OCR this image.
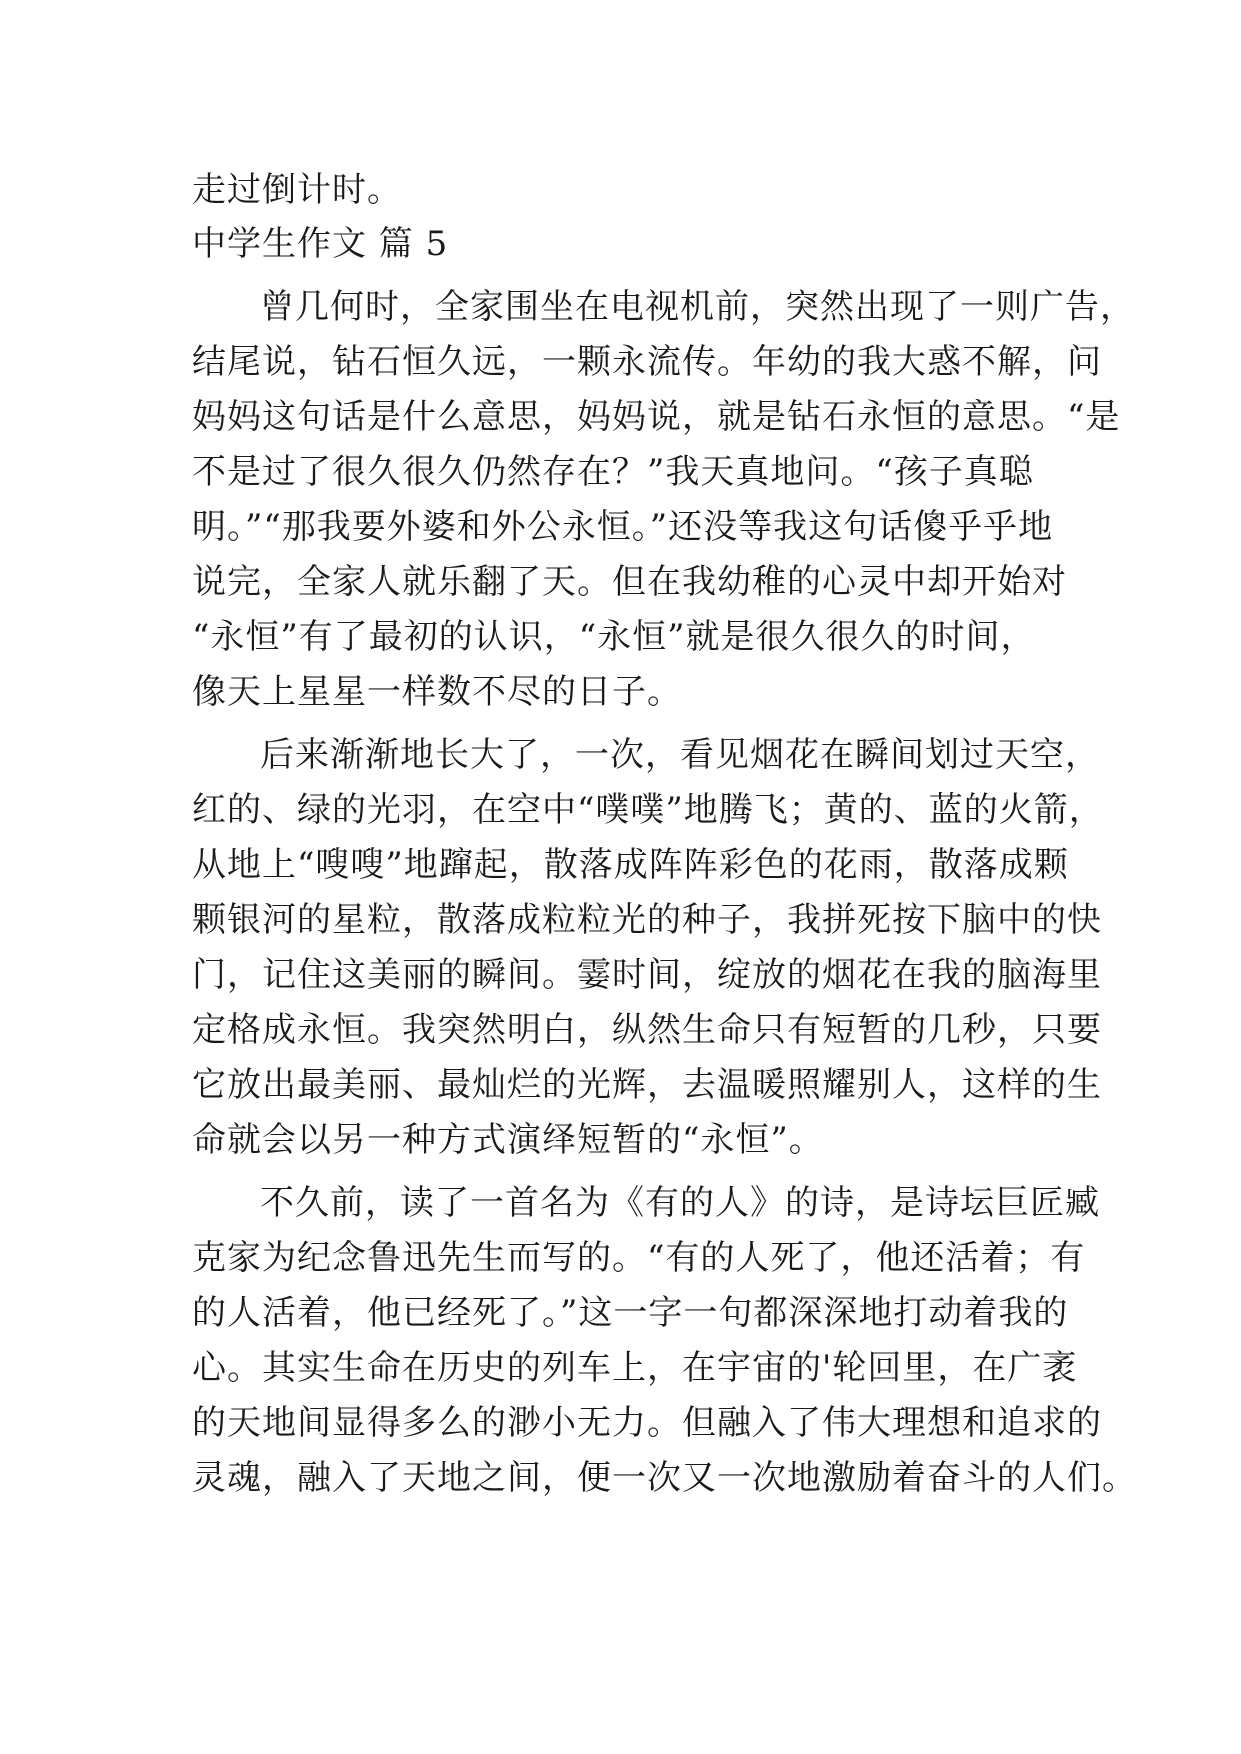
走过倒计时。
中学生作文 篇 5
曾几何时，全家围坐在电视机前，突然出现了一则广告，
结尾说，钻石恒久远，一颗永流传。年幼的我大惑不解，问
妈妈这句话是什么意思，妈妈说，就是钻石永恒的意思。“是
不是过了很久很久仍然存在？”我天真地问。“孩子真聪
明。”“那我要外婆和外公永恒。”还没等我这句话傻乎乎地
说完，全家人就乐翻了天。但在我幼稚的心灵中却开始对
“永恒”有了最初的认识，“永恒”就是很久很久的时间，
像天上星星一样数不尽的日子。
后来渐渐地长大了，一次，看见烟花在瞬间划过天空，
红的、绿的光羽，在空中“噗噗”地腾飞；黄的、蓝的火箭，
从地上“嗖嗖”地蹿起，散落成阵阵彩色的花雨，散落成颗
颗银河的星粒，散落成粒粒光的种子，我拼死按下脑中的快
门，记住这美丽的瞬间。霎时间，绽放的烟花在我的脑海里
定格成永恒。我突然明白，纵然生命只有短暂的几秒，只要
它放出最美丽、最灿烂的光辉，去温暖照耀别人，这样的生
命就会以另一种方式演绎短暂的“永恒”。
不久前，读了一首名为《有的人》的诗，是诗坛巨匠臧
克家为纪念鲁迅先生而写的。“有的人死了，他还活着；有
的人活着，他已经死了。”这一字一句都深深地打动着我的
心。其实生命在历史的列车上，在宇宙的'轮回里，在广袤
的天地间显得多么的渺小无力。但融入了伟大理想和追求的
灵魂，融入了天地之间，便一次又一次地激励着奋斗的人们。
